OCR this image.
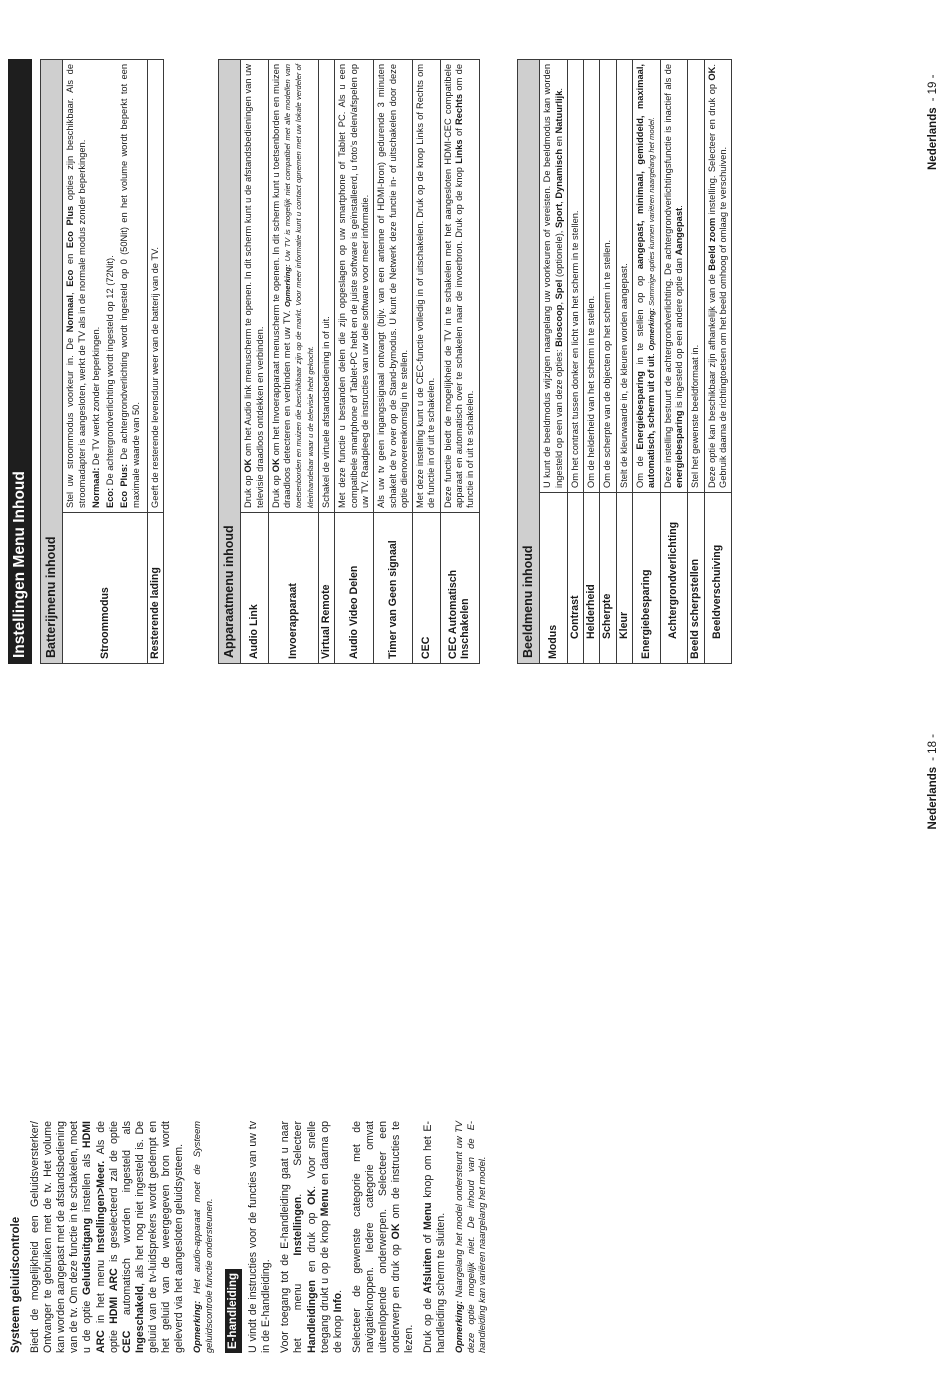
Systeem geluidscontrole Biedt de mogelijkheid een Geluidsversterker/ Ontvanger te gebruiken met de tv. Het volume kan worden aangepast met de afstandsbediening van de tv. Om deze functie in te schakelen, moet u de optie Geluidsuitgang instellen als HDMI ARC in het menu Instellingen>Meer. Als de optie HDMI ARC is geselecteerd zal de optie CEC automatisch worden ingesteld als Ingeschakeld, als het nog niet ingesteld is. De geluid van de tv-luidsprekers wordt gedempt en het geluid van de weergegeven bron wordt geleverd via het aangesloten geluidsysteem. Opmerking: Het audio-apparaat moet de Systeem geluidscontrole functie ondersteunen. E-handleiding U vindt de instructies voor de functies van uw tv in de E-handleiding. Voor toegang tot de E-handleiding gaat u naar het menu Instellingen. Selecteer Handleidingen en druk op OK. Voor snelle toegang drukt u op de knop Menu en daarna op de knop Info. Selecteer de gewenste categorie met de navigatieknoppen. Iedere categorie omvat uiteenlopende onderwerpen. Selecteer een onderwerp en druk op OK om de instructies te lezen. Druk op de Afsluiten of Menu knop om het E-handleiding scherm te sluiten. Opmerking: Naargelang het model ondersteunt uw TV deze optie mogelijk niet. De inhoud van de E-handleiding kan variëren naargelang het model.

Nederlands- 18 -
Instellingen Menu Inhoud	Batterijmenu inhoud	
Stroommodus	Stel uw stroommodus voorkeur in. De Normaal, Eco en Eco Plus opties zijn beschikbaar. Als de stroomadapter is aangesloten, werkt de TV als in de normale modus zonder beperkingen. Normaal: De TV werkt zonder beperkingen.

Eco: De achtergrondverlichting wordt ingesteld op 12 (72Nit). Eco Plus: De achtergrondverlichting wordt ingesteld op 0 (50Nit) en het volume wordt beperkt tot een maximale waarde van 50.

Resterende lading	Geeft de resterende levensduur weer van de batterij van de TV.
Apparaatmenu inhoud	
Audio Link	Druk op OK om het Audio link menuscherm te openen. In dit scherm kunt u de afstandsbedieningen van uw televisie draadloos ontdekken en verbinden.
Invoerapparaat	Druk op OK om het Invoerapparaat menuscherm te openen. In dit scherm kunt u toetsenborden en muizen draadloos detecteren en verbinden met uw TV. Opmerking: Uw TV is mogelijk niet compatibel met alle modellen van toetsenborden en muizen die beschikbaar zijn op de markt. Voor meer informatie kunt u contact opnemen met uw lokale verdeler of kleinhandelaar waar u de televisie hebt gekocht.
Virtual Remote	Schakel de virtuele afstandsbediening in of uit.
Audio Video Delen	Met deze functie u bestanden delen die zijn opgeslagen op uw smartphone of Tablet PC. Als u een compatibele smartphone of Tablet-PC hebt en de juiste software is geïnstalleerd, u foto's delen/afspelen op uw TV. Raadpleeg de instructies van uw dele software voor meer informatie.
Timer van Geen signaal	Als uw tv geen ingangssignaal ontvangt (bijv. van een antenne of HDMI-bron) gedurende 3 minuten schakelt de tv over op de Stand-bymodus. U kunt de Netwerk deze functie in- of uitschakelen door deze optie dienovereenkomstig in te stellen.
CEC	Met deze instelling kunt u de CEC-functie volledig in of uitschakelen. Druk op de knop Links of Rechts om de functie in of uit te schakelen.
CEC Automatisch Inschakelen	Deze functie biedt de mogelijkheid de TV in te schakelen met het aangesloten HDMI-CEC compatibele apparaat en automatisch over te schakelen naar de invoerbron. Druk op de knop Links of Rechts om de functie in of uit te schakelen.
Beeldmenu inhoud	
Modus	U kunt de beeldmodus wijzigen naargelang uw voorkeuren of vereisten. De beeldmodus kan worden ingesteld op een van deze opties: Bioscoop, Spel (optionele), Sport, Dynamisch en Natuurlijk.
Contrast	Om het contrast tussen donker en licht van het scherm in te stellen.
Helderheid	Om de helderheid van het scherm in te stellen.
Scherpte	Om de scherpte van de objecten op het scherm in te stellen.
Kleur	Stelt de kleurwaarde in, de kleuren worden aangepast.
Energiebesparing	Om de Energiebesparing in te stellen op op aangepast, minimaal, gemiddeld, maximaal, automatisch, scherm uit of uit. Opmerking: Sommige opties kunnen variëren naargelang het model.
Achtergrondverlichting	Deze instelling bestuurt de achtergrondverlichting. De achtergrondverlichtingsfunctie is inactief als de energiebesparing is ingesteld op een andere optie dan Aangepast.
Beeld scherpstellen	Stel het gewenste beeldformaat in.
Beeldverschuiving	Deze optie kan beschikbaar zijn afhankelijk van de Beeld zoom instelling. Selecteer en druk op OK. Gebruik daarna de richtingtoetsen om het beeld omhoog of omlaag te verschuiven.
Nederlands- 19 -
